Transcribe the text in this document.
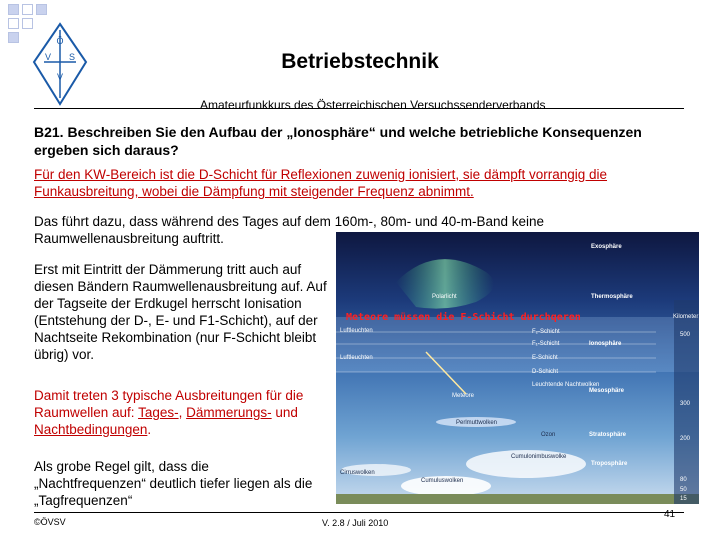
Ö
V S
V
Betriebstechnik
Amateurfunkkurs des Österreichischen Versuchssenderverbands
B21. Beschreiben Sie den Aufbau der „Ionosphäre“ und welche betriebliche Konsequenzen ergeben sich daraus?
Für den KW-Bereich ist die D-Schicht für Reflexionen zuwenig ionisiert, sie dämpft vorrangig die Funkausbreitung, wobei die Dämpfung mit steigender Frequenz abnimmt.
Das führt dazu, dass während des Tages auf dem 160m-, 80m- und 40-m-Band keine Raumwellenausbreitung auftritt.
Erst mit Eintritt der Dämmerung tritt auch auf diesen Bändern Raumwellenausbreitung auf. Auf der Tagseite der Erdkugel herrscht Ionisation (Entstehung der D-, E- und F1-Schicht), auf der Nachtseite Rekombination (nur F-Schicht bleibt übrig) vor.
Damit treten 3 typische Ausbreitungen für die Raumwellen auf: Tages-, Dämmerungs- und Nachtbedingungen.
Als grobe Regel gilt, dass die „Nachtfrequenzen“ deutlich tiefer liegen als die „Tagfrequenzen“
Exosphäre
Polarlicht	Thermosphäre
Kilometer
Luftleuchten	F₂-Schicht
F₁-Schicht	Ionosphäre
Luftleuchten	E-Schicht
D-Schicht
Leuchtende Nachtwolken
Mesosphäre
Meteore
Perlmuttwolken
Stratosphäre
Ozon
Cumulonimbuswolke
Troposphäre
Cirruswolken
Cumuluswolken
500
300
200
80
50
15
Meteore müssen die F-Schicht durchqeren
©ÖVSV	V. 2.8 / Juli 2010
41
